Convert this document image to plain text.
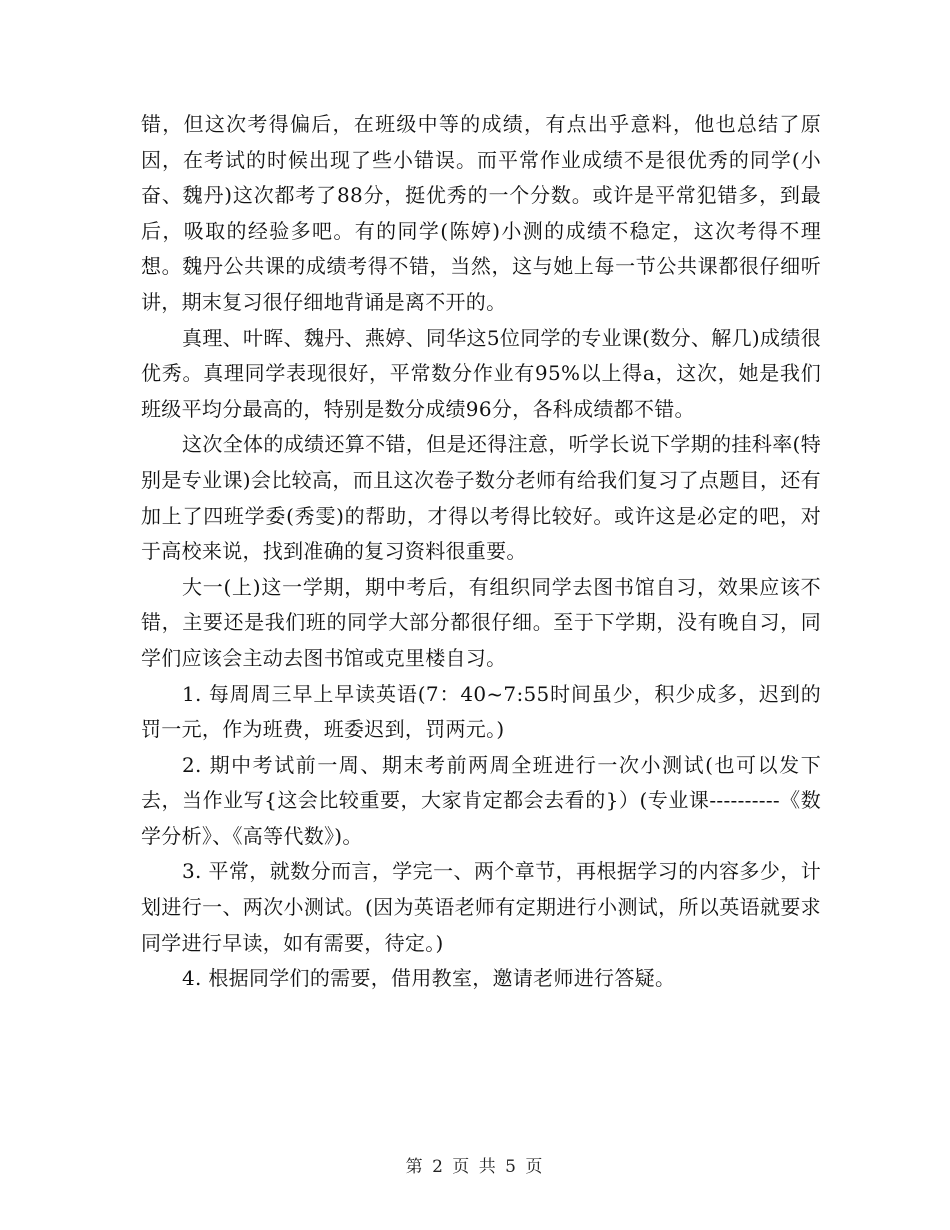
错，但这次考得偏后，在班级中等的成绩，有点出乎意料，他也总结了原因，在考试的时候出现了些小错误。而平常作业成绩不是很优秀的同学(小奋、魏丹)这次都考了88分，挺优秀的一个分数。或许是平常犯错多，到最后，吸取的经验多吧。有的同学(陈婷)小测的成绩不稳定，这次考得不理想。魏丹公共课的成绩考得不错，当然，这与她上每一节公共课都很仔细听讲，期末复习很仔细地背诵是离不开的。

真理、叶晖、魏丹、燕婷、同华这5位同学的专业课(数分、解几)成绩很优秀。真理同学表现很好，平常数分作业有95%以上得a，这次，她是我们班级平均分最高的，特别是数分成绩96分，各科成绩都不错。

这次全体的成绩还算不错，但是还得注意，听学长说下学期的挂科率(特别是专业课)会比较高，而且这次卷子数分老师有给我们复习了点题目，还有加上了四班学委(秀雯)的帮助，才得以考得比较好。或许这是必定的吧，对于高校来说，找到准确的复习资料很重要。

大一(上)这一学期，期中考后，有组织同学去图书馆自习，效果应该不错，主要还是我们班的同学大部分都很仔细。至于下学期，没有晚自习，同学们应该会主动去图书馆或克里楼自习。

1. 每周周三早上早读英语(7：40~7:55时间虽少，积少成多，迟到的罚一元，作为班费，班委迟到，罚两元。)

2. 期中考试前一周、期末考前两周全班进行一次小测试(也可以发下去，当作业写{这会比较重要，大家肯定都会去看的}）(专业课----------《数学分析》、《高等代数》)。

3. 平常，就数分而言，学完一、两个章节，再根据学习的内容多少，计划进行一、两次小测试。(因为英语老师有定期进行小测试，所以英语就要求同学进行早读，如有需要，待定。)

4. 根据同学们的需要，借用教室，邀请老师进行答疑。

第 2 页 共 5 页
